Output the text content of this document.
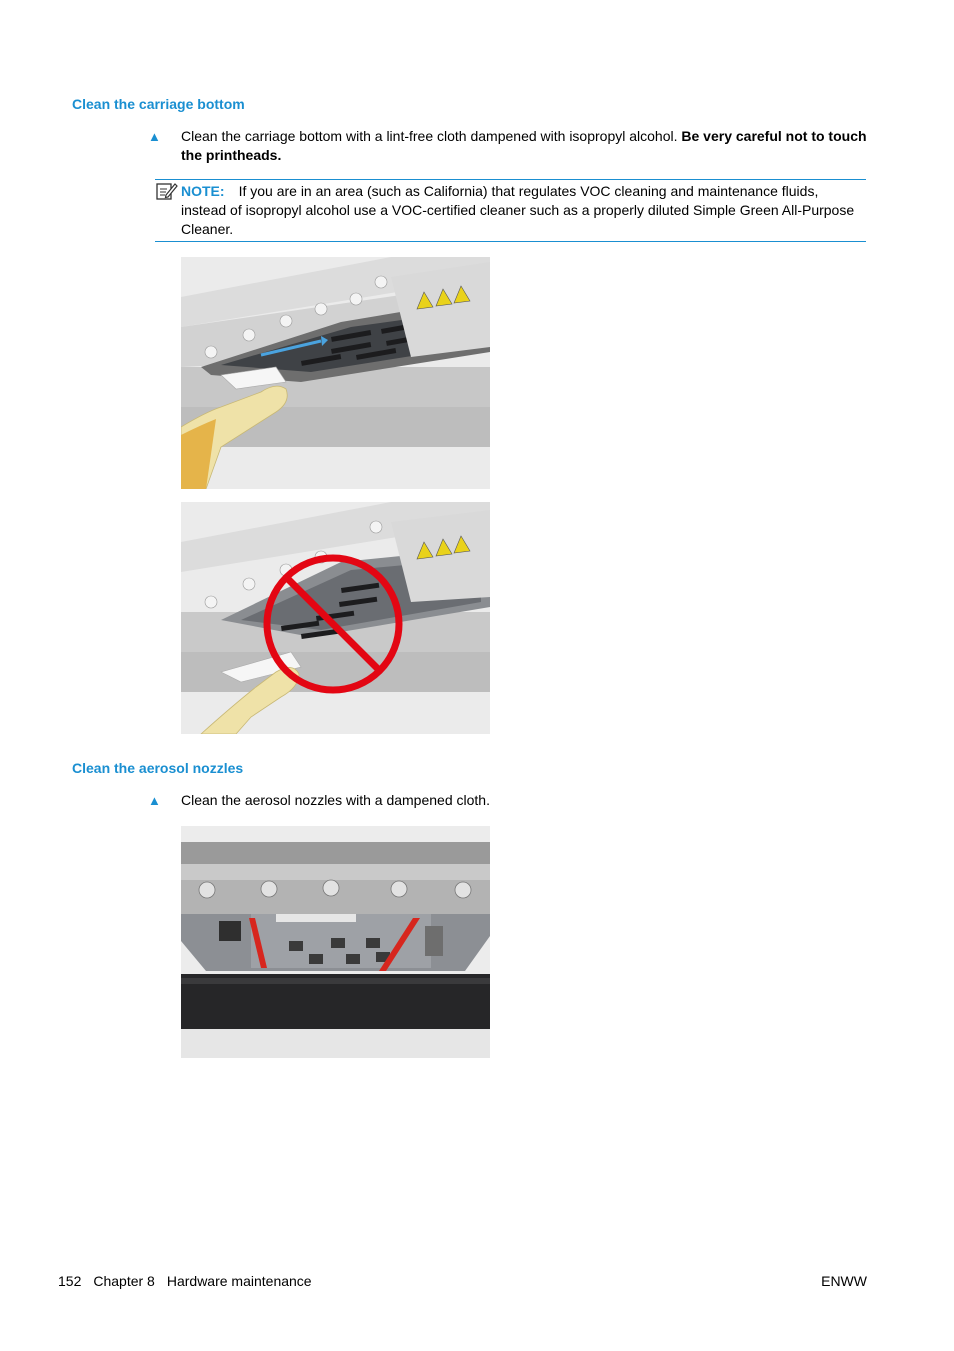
Clean the carriage bottom
▲ Clean the carriage bottom with a lint-free cloth dampened with isopropyl alcohol. Be very careful not to touch the printheads.
NOTE: If you are in an area (such as California) that regulates VOC cleaning and maintenance fluids, instead of isopropyl alcohol use a VOC-certified cleaner such as a properly diluted Simple Green All-Purpose Cleaner.
Clean the aerosol nozzles
▲ Clean the aerosol nozzles with a dampened cloth.
152 Chapter 8 Hardware maintenance	ENWW
